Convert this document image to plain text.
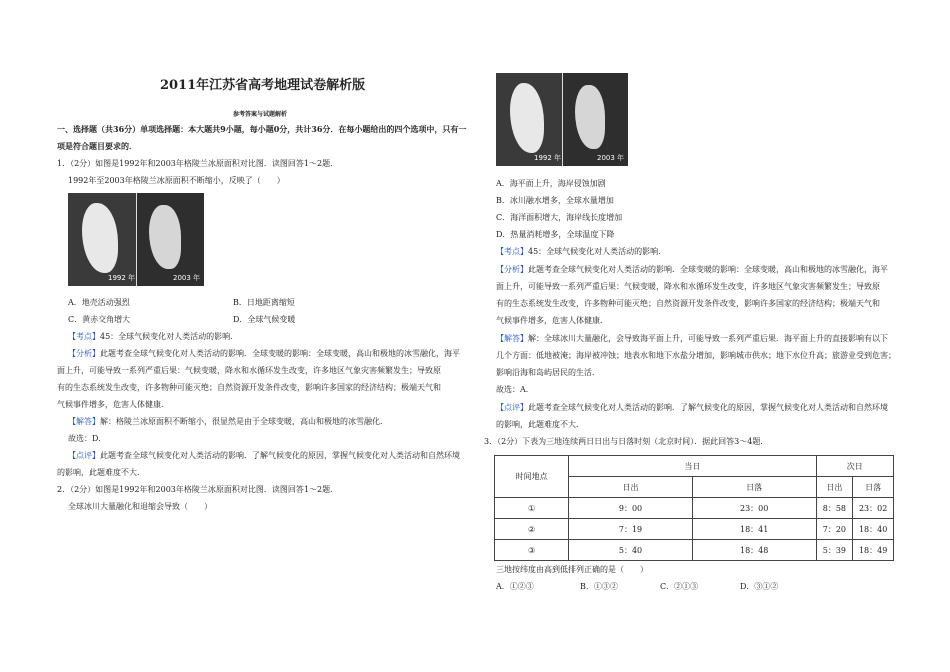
2011年江苏省高考地理试卷解析版
参考答案与试题解析
一、选择题（共36分）单项选择题：本大题共9小题，每小题0分，共计36分．在每小题给出的四个选项中，只有一
项是符合题目要求的．
1．（2分）如图是1992年和2003年格陵兰冰原面积对比图．读图回答1～2题．
1992年至2003年格陵兰冰原面积不断缩小，反映了（　　）
1992 年	2003 年
A．地壳活动强烈	B．日地距离缩短
C．黄赤交角增大	D．全球气候变暖
【考点】45：全球气候变化对人类活动的影响．
【分析】此题考查全球气候变化对人类活动的影响．全球变暖的影响：全球变暖，高山和极地的冰雪融化，海平
面上升，可能导致一系列严重后果：气候变暖，降水和水循环发生改变，许多地区气象灾害频繁发生；导致原
有的生态系统发生改变，许多物种可能灭绝；自然资源开发条件改变，影响许多国家的经济结构；极端天气和
气候事件增多，危害人体健康．
【解答】解：格陵兰冰原面积不断缩小，很显然是由于全球变暖，高山和极地的冰雪融化．
故选：D．
【点评】此题考查全球气候变化对人类活动的影响．了解气候变化的原因，掌握气候变化对人类活动和自然环境
的影响，此题难度不大．
2．（2分）如图是1992年和2003年格陵兰冰原面积对比图．读图回答1～2题．
全球冰川大量融化和退缩会导致（　　）
1992 年	2003 年
A．海平面上升，海岸侵蚀加剧
B．冰川融水增多，全球水量增加
C．海洋面积增大，海岸线长度增加
D．热量消耗增多，全球温度下降
【考点】45：全球气候变化对人类活动的影响．
【分析】此题考查全球气候变化对人类活动的影响．全球变暖的影响：全球变暖，高山和极地的冰雪融化，海平
面上升，可能导致一系列严重后果：气候变暖，降水和水循环发生改变，许多地区气象灾害频繁发生；导致原
有的生态系统发生改变，许多物种可能灭绝；自然资源开发条件改变，影响许多国家的经济结构；极端天气和
气候事件增多，危害人体健康．
【解答】解：全球冰川大量融化，会导致海平面上升，可能导致一系列严重后果．海平面上升的直接影响有以下
几个方面：低地被淹；海岸被冲蚀；地表水和地下水盐分增加，影响城市供水；地下水位升高；旅游业受到危害；
影响沿海和岛屿居民的生活．
故选：A．
【点评】此题考查全球气候变化对人类活动的影响．了解气候变化的原因，掌握气候变化对人类活动和自然环境
的影响，此题难度不大．
3．（2分）下表为三地连续两日日出与日落时刻（北京时间）．据此回答3～4题．
时间地点	当日		次日	
	日出	日落	日出	日落
①	9：00	23：00	8：58	23：02
②	7：19	18：41	7：20	18：40
③	5：40	18：48	5：39	18：49
三地按纬度由高到低排列正确的是（　　）
A．①②③	B．①③②	C．②①③	D．③①②
